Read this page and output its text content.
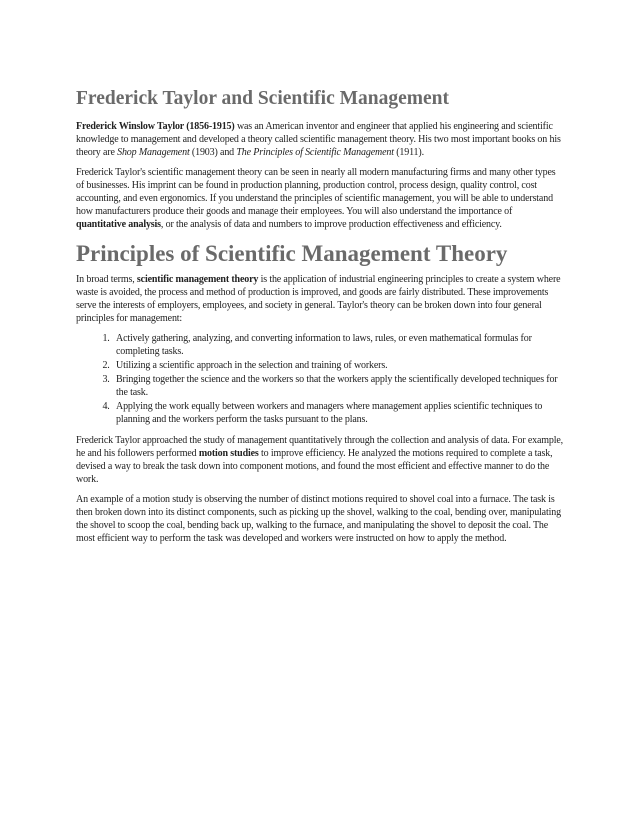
Frederick Taylor and Scientific Management

Frederick Winslow Taylor (1856-1915) was an American inventor and engineer that applied his engineering and scientific knowledge to management and developed a theory called scientific management theory. His two most important books on his theory are Shop Management (1903) and The Principles of Scientific Management (1911).

Frederick Taylor's scientific management theory can be seen in nearly all modern manufacturing firms and many other types of businesses. His imprint can be found in production planning, production control, process design, quality control, cost accounting, and even ergonomics. If you understand the principles of scientific management, you will be able to understand how manufacturers produce their goods and manage their employees. You will also understand the importance of quantitative analysis, or the analysis of data and numbers to improve production effectiveness and efficiency.

Principles of Scientific Management Theory

In broad terms, scientific management theory is the application of industrial engineering principles to create a system where waste is avoided, the process and method of production is improved, and goods are fairly distributed. These improvements serve the interests of employers, employees, and society in general. Taylor's theory can be broken down into four general principles for management:

1. Actively gathering, analyzing, and converting information to laws, rules, or even mathematical formulas for completing tasks.
2. Utilizing a scientific approach in the selection and training of workers.
3. Bringing together the science and the workers so that the workers apply the scientifically developed techniques for the task.
4. Applying the work equally between workers and managers where management applies scientific techniques to planning and the workers perform the tasks pursuant to the plans.

Frederick Taylor approached the study of management quantitatively through the collection and analysis of data. For example, he and his followers performed motion studies to improve efficiency. He analyzed the motions required to complete a task, devised a way to break the task down into component motions, and found the most efficient and effective manner to do the work.

An example of a motion study is observing the number of distinct motions required to shovel coal into a furnace. The task is then broken down into its distinct components, such as picking up the shovel, walking to the coal, bending over, manipulating the shovel to scoop the coal, bending back up, walking to the furnace, and manipulating the shovel to deposit the coal. The most efficient way to perform the task was developed and workers were instructed on how to apply the method.
